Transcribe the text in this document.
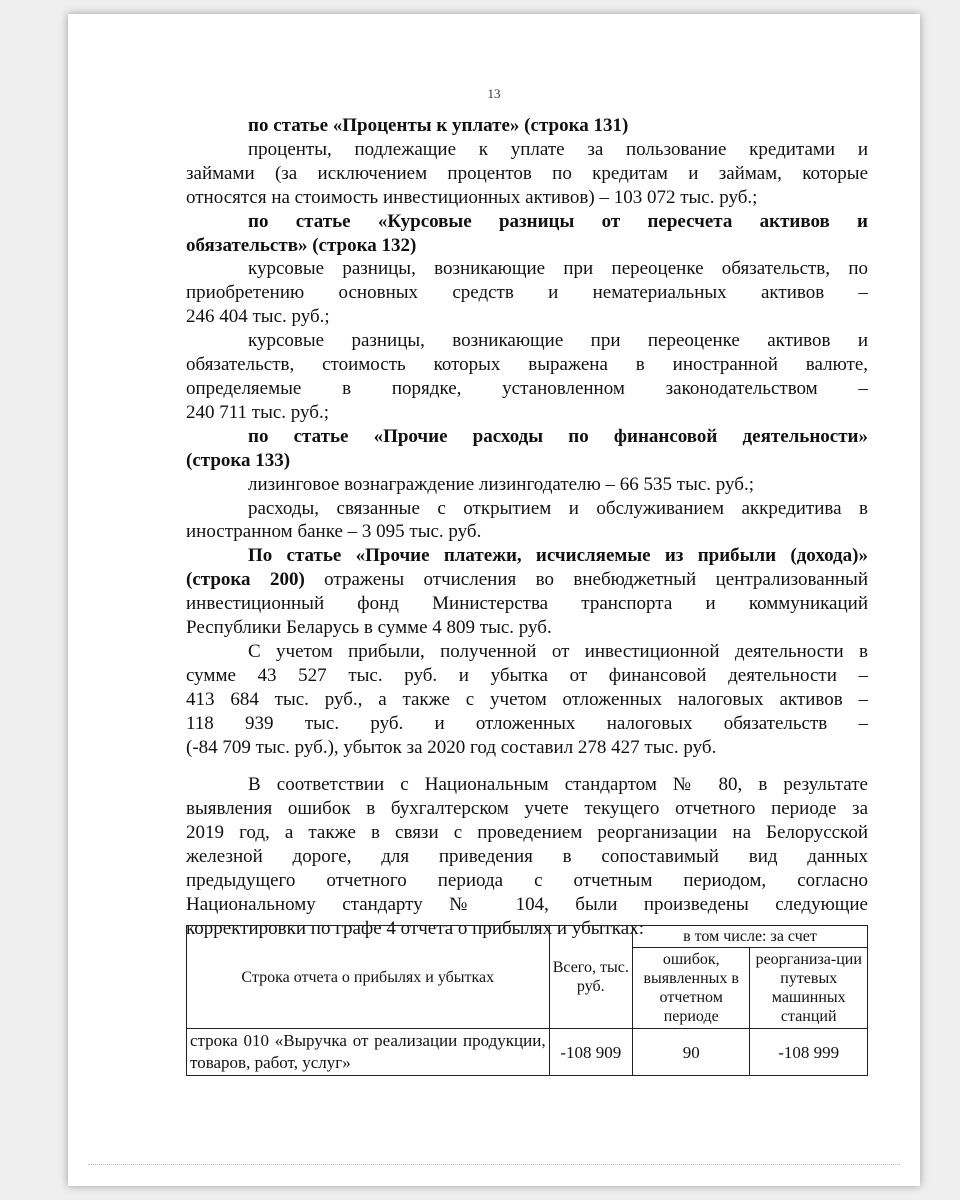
13
по статье «Проценты к уплате» (строка 131)
проценты, подлежащие к уплате за пользование кредитами и
займами (за исключением процентов по кредитам и займам, которые
относятся на стоимость инвестиционных активов) – 103 072 тыс. руб.;
по статье «Курсовые разницы от пересчета активов и
обязательств» (строка 132)
курсовые разницы, возникающие при переоценке обязательств, по
приобретению основных средств и нематериальных активов –
246 404 тыс. руб.;
курсовые разницы, возникающие при переоценке активов и
обязательств, стоимость которых выражена в иностранной валюте,
определяемые в порядке, установленном законодательством –
240 711 тыс. руб.;
по статье «Прочие расходы по финансовой деятельности»
(строка 133)
лизинговое вознаграждение лизингодателю – 66 535 тыс. руб.;
расходы, связанные с открытием и обслуживанием аккредитива в
иностранном банке – 3 095 тыс. руб.
По статье «Прочие платежи, исчисляемые из прибыли (дохода)»
(строка 200) отражены отчисления во внебюджетный централизованный
инвестиционный фонд Министерства транспорта и коммуникаций
Республики Беларусь в сумме 4 809 тыс. руб.
С учетом прибыли, полученной от инвестиционной деятельности в
сумме 43 527 тыс. руб. и убытка от финансовой деятельности –
413 684 тыс. руб., а также с учетом отложенных налоговых активов –
118 939 тыс. руб. и отложенных налоговых обязательств –
(-84 709 тыс. руб.), убыток за 2020 год составил 278 427 тыс. руб.
В соответствии с Национальным стандартом № 80, в результате
выявления ошибок в бухгалтерском учете текущего отчетного периоде за
2019 год, а также в связи с проведением реорганизации на Белорусской
железной дороге, для приведения в сопоставимый вид данных
предыдущего отчетного периода с отчетным периодом, согласно
Национальному стандарту № 104, были произведены следующие
корректировки по графе 4 отчета о прибылях и убытках:
Строка отчета о прибылях и убытках	Всего, тыс. руб.	в том числе: за счет	
		ошибок, выявленных в отчетном периоде	реорганиза-ции путевых машинных станций
строка 010 «Выручка от реализации продукции, товаров, работ, услуг»	-108 909	90	-108 999
